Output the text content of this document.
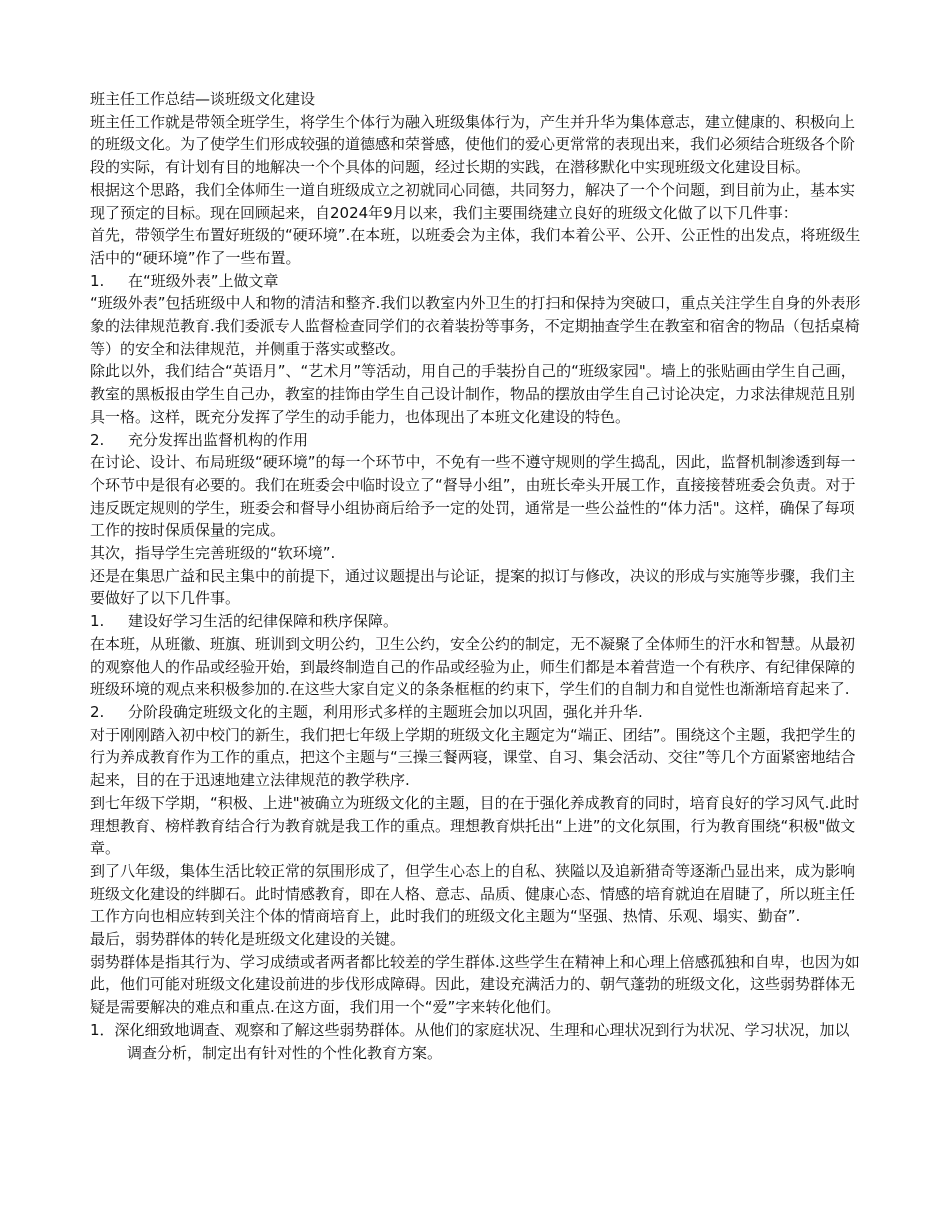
班主任工作总结—谈班级文化建设

班主任工作就是带领全班学生，将学生个体行为融入班级集体行为，产生并升华为集体意志，建立健康的、积极向上的班级文化。为了使学生们形成较强的道德感和荣誉感，使他们的爱心更常常的表现出来，我们必须结合班级各个阶段的实际，有计划有目的地解决一个个具体的问题，经过长期的实践，在潜移默化中实现班级文化建设目标。

根据这个思路，我们全体师生一道自班级成立之初就同心同德，共同努力，解决了一个个问题，到目前为止，基本实现了预定的目标。现在回顾起来，自2024年9月以来，我们主要围绕建立良好的班级文化做了以下几件事：

首先，带领学生布置好班级的“硬环境”.在本班，以班委会为主体，我们本着公平、公开、公正性的出发点，将班级生活中的“硬环境”作了一些布置。

1.	在“班级外表”上做文章

“班级外表”包括班级中人和物的清洁和整齐.我们以教室内外卫生的打扫和保持为突破口，重点关注学生自身的外表形象的法律规范教育.我们委派专人监督检查同学们的衣着装扮等事务，不定期抽查学生在教室和宿舍的物品（包括桌椅等）的安全和法律规范，并侧重于落实或整改。

除此以外，我们结合“英语月”、“艺术月”等活动，用自己的手装扮自己的“班级家园"。墙上的张贴画由学生自己画，教室的黑板报由学生自己办，教室的挂饰由学生自己设计制作，物品的摆放由学生自己讨论决定，力求法律规范且别具一格。这样，既充分发挥了学生的动手能力，也体现出了本班文化建设的特色。

2.	充分发挥出监督机构的作用

在讨论、设计、布局班级“硬环境”的每一个环节中，不免有一些不遵守规则的学生捣乱，因此，监督机制渗透到每一个环节中是很有必要的。我们在班委会中临时设立了“督导小组”，由班长牵头开展工作，直接接替班委会负责。对于违反既定规则的学生，班委会和督导小组协商后给予一定的处罚，通常是一些公益性的“体力活"。这样，确保了每项工作的按时保质保量的完成。

其次，指导学生完善班级的“软环境”.

还是在集思广益和民主集中的前提下，通过议题提出与论证，提案的拟订与修改，决议的形成与实施等步骤，我们主要做好了以下几件事。

1.	建设好学习生活的纪律保障和秩序保障。

在本班，从班徽、班旗、班训到文明公约，卫生公约，安全公约的制定，无不凝聚了全体师生的汗水和智慧。从最初的观察他人的作品或经验开始，到最终制造自己的作品或经验为止，师生们都是本着营造一个有秩序、有纪律保障的班级环境的观点来积极参加的.在这些大家自定义的条条框框的约束下，学生们的自制力和自觉性也渐渐培育起来了.

2.	分阶段确定班级文化的主题，利用形式多样的主题班会加以巩固，强化并升华.

对于刚刚踏入初中校门的新生，我们把七年级上学期的班级文化主题定为“端正、团结”。围绕这个主题，我把学生的行为养成教育作为工作的重点，把这个主题与“三操三餐两寝，课堂、自习、集会活动、交往”等几个方面紧密地结合起来，目的在于迅速地建立法律规范的教学秩序.

到七年级下学期，“积极、上进"被确立为班级文化的主题，目的在于强化养成教育的同时，培育良好的学习风气.此时理想教育、榜样教育结合行为教育就是我工作的重点。理想教育烘托出“上进”的文化氛围，行为教育围绕“积极"做文章。

到了八年级，集体生活比较正常的氛围形成了，但学生心态上的自私、狭隘以及追新猎奇等逐渐凸显出来，成为影响班级文化建设的绊脚石。此时情感教育，即在人格、意志、品质、健康心态、情感的培育就迫在眉睫了，所以班主任工作方向也相应转到关注个体的情商培育上，此时我们的班级文化主题为“坚强、热情、乐观、塌实、勤奋”.

最后，弱势群体的转化是班级文化建设的关键。

弱势群体是指其行为、学习成绩或者两者都比较差的学生群体.这些学生在精神上和心理上倍感孤独和自卑，也因为如此，他们可能对班级文化建设前进的步伐形成障碍。因此，建设充满活力的、朝气蓬勃的班级文化，这些弱势群体无疑是需要解决的难点和重点.在这方面，我们用一个“爱”字来转化他们。

1．深化细致地调查、观察和了解这些弱势群体。从他们的家庭状况、生理和心理状况到行为状况、学习状况，加以调查分析，制定出有针对性的个性化教育方案。
